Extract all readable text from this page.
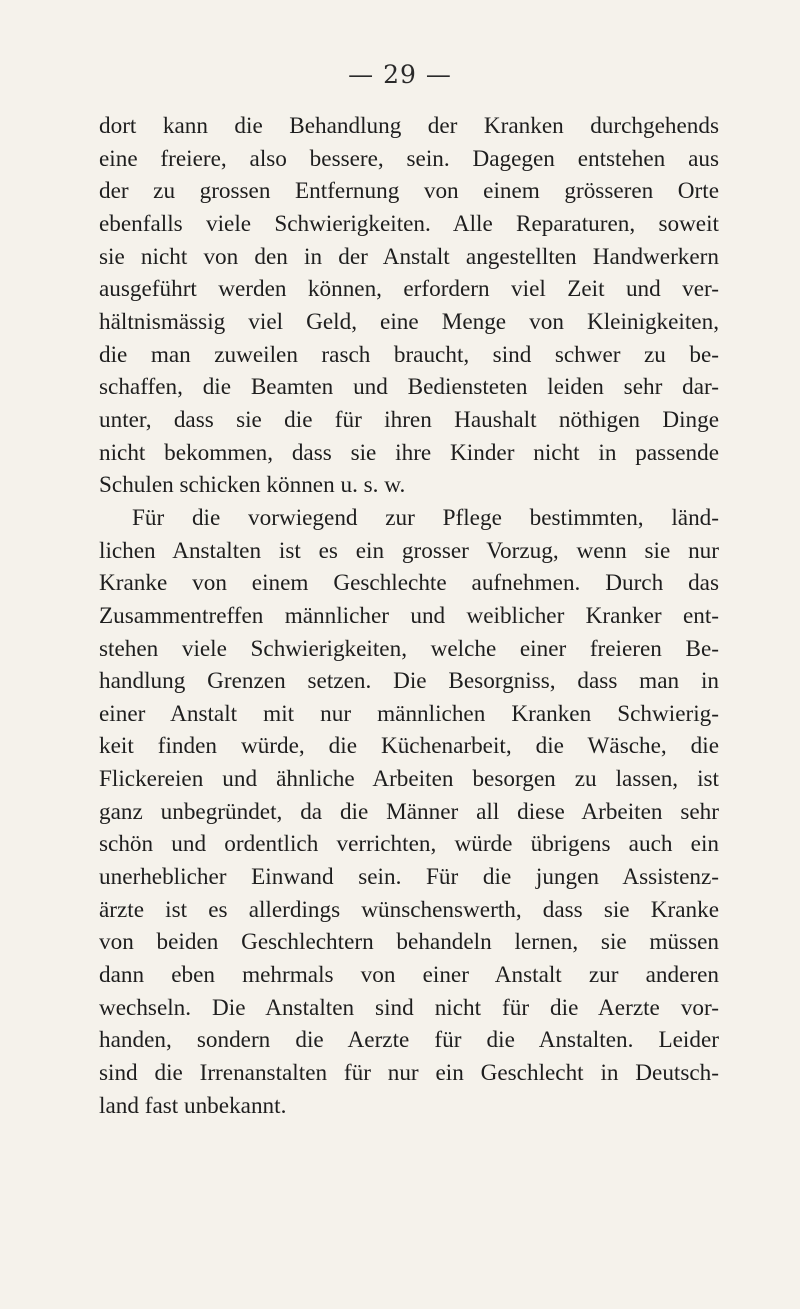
— 29 —
dort kann die Behandlung der Kranken durchgehends
eine freiere, also bessere, sein. Dagegen entstehen aus
der zu grossen Entfernung von einem grösseren Orte
ebenfalls viele Schwierigkeiten. Alle Reparaturen, soweit
sie nicht von den in der Anstalt angestellten Handwerkern
ausgeführt werden können, erfordern viel Zeit und ver-
hältnismässig viel Geld, eine Menge von Kleinigkeiten,
die man zuweilen rasch braucht, sind schwer zu be-
schaffen, die Beamten und Bediensteten leiden sehr dar-
unter, dass sie die für ihren Haushalt nöthigen Dinge
nicht bekommen, dass sie ihre Kinder nicht in passende
Schulen schicken können u. s. w.
Für die vorwiegend zur Pflege bestimmten, länd-
lichen Anstalten ist es ein grosser Vorzug, wenn sie nur
Kranke von einem Geschlechte aufnehmen. Durch das
Zusammentreffen männlicher und weiblicher Kranker ent-
stehen viele Schwierigkeiten, welche einer freieren Be-
handlung Grenzen setzen. Die Besorgniss, dass man in
einer Anstalt mit nur männlichen Kranken Schwierig-
keit finden würde, die Küchenarbeit, die Wäsche, die
Flickereien und ähnliche Arbeiten besorgen zu lassen, ist
ganz unbegründet, da die Männer all diese Arbeiten sehr
schön und ordentlich verrichten, würde übrigens auch ein
unerheblicher Einwand sein. Für die jungen Assistenz-
ärzte ist es allerdings wünschenswerth, dass sie Kranke
von beiden Geschlechtern behandeln lernen, sie müssen
dann eben mehrmals von einer Anstalt zur anderen
wechseln. Die Anstalten sind nicht für die Aerzte vor-
handen, sondern die Aerzte für die Anstalten. Leider
sind die Irrenanstalten für nur ein Geschlecht in Deutsch-
land fast unbekannt.
